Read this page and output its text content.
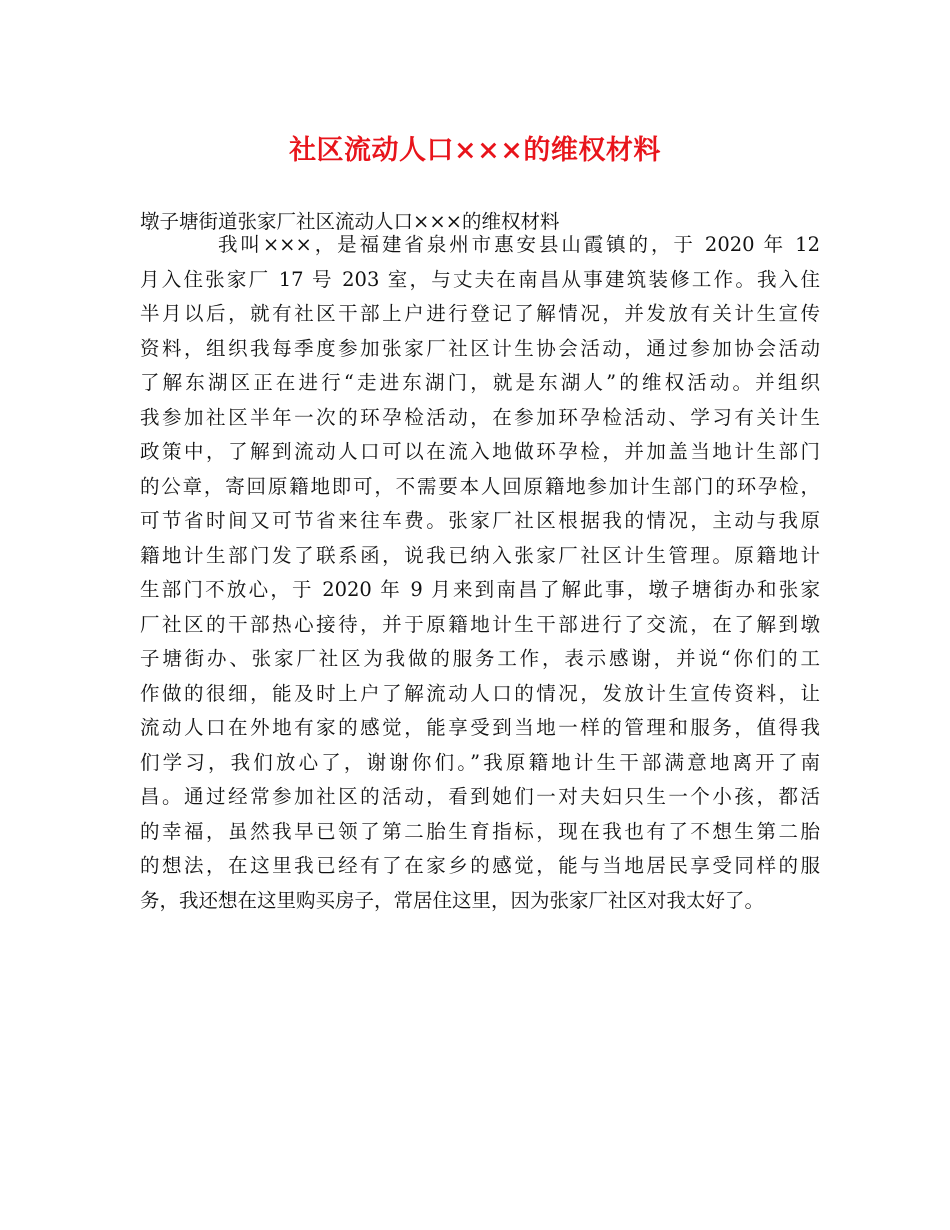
社区流动人口×××的维权材料
墩子塘街道张家厂社区流动人口×××的维权材料
我叫×××，是福建省泉州市惠安县山霞镇的，于 2020 年 12
月入住张家厂 17 号 203 室，与丈夫在南昌从事建筑装修工作。我入住
半月以后，就有社区干部上户进行登记了解情况，并发放有关计生宣传
资料，组织我每季度参加张家厂社区计生协会活动，通过参加协会活动
了解东湖区正在进行“走进东湖门，就是东湖人”的维权活动。并组织
我参加社区半年一次的环孕检活动，在参加环孕检活动、学习有关计生
政策中，了解到流动人口可以在流入地做环孕检，并加盖当地计生部门
的公章，寄回原籍地即可，不需要本人回原籍地参加计生部门的环孕检，
可节省时间又可节省来往车费。张家厂社区根据我的情况，主动与我原
籍地计生部门发了联系函，说我已纳入张家厂社区计生管理。原籍地计
生部门不放心，于 2020 年 9 月来到南昌了解此事，墩子塘街办和张家
厂社区的干部热心接待，并于原籍地计生干部进行了交流，在了解到墩
子塘街办、张家厂社区为我做的服务工作，表示感谢，并说“你们的工
作做的很细，能及时上户了解流动人口的情况，发放计生宣传资料，让
流动人口在外地有家的感觉，能享受到当地一样的管理和服务，值得我
们学习，我们放心了，谢谢你们。”我原籍地计生干部满意地离开了南
昌。通过经常参加社区的活动，看到她们一对夫妇只生一个小孩，都活
的幸福，虽然我早已领了第二胎生育指标，现在我也有了不想生第二胎
的想法，在这里我已经有了在家乡的感觉，能与当地居民享受同样的服
务，我还想在这里购买房子，常居住这里，因为张家厂社区对我太好了。
